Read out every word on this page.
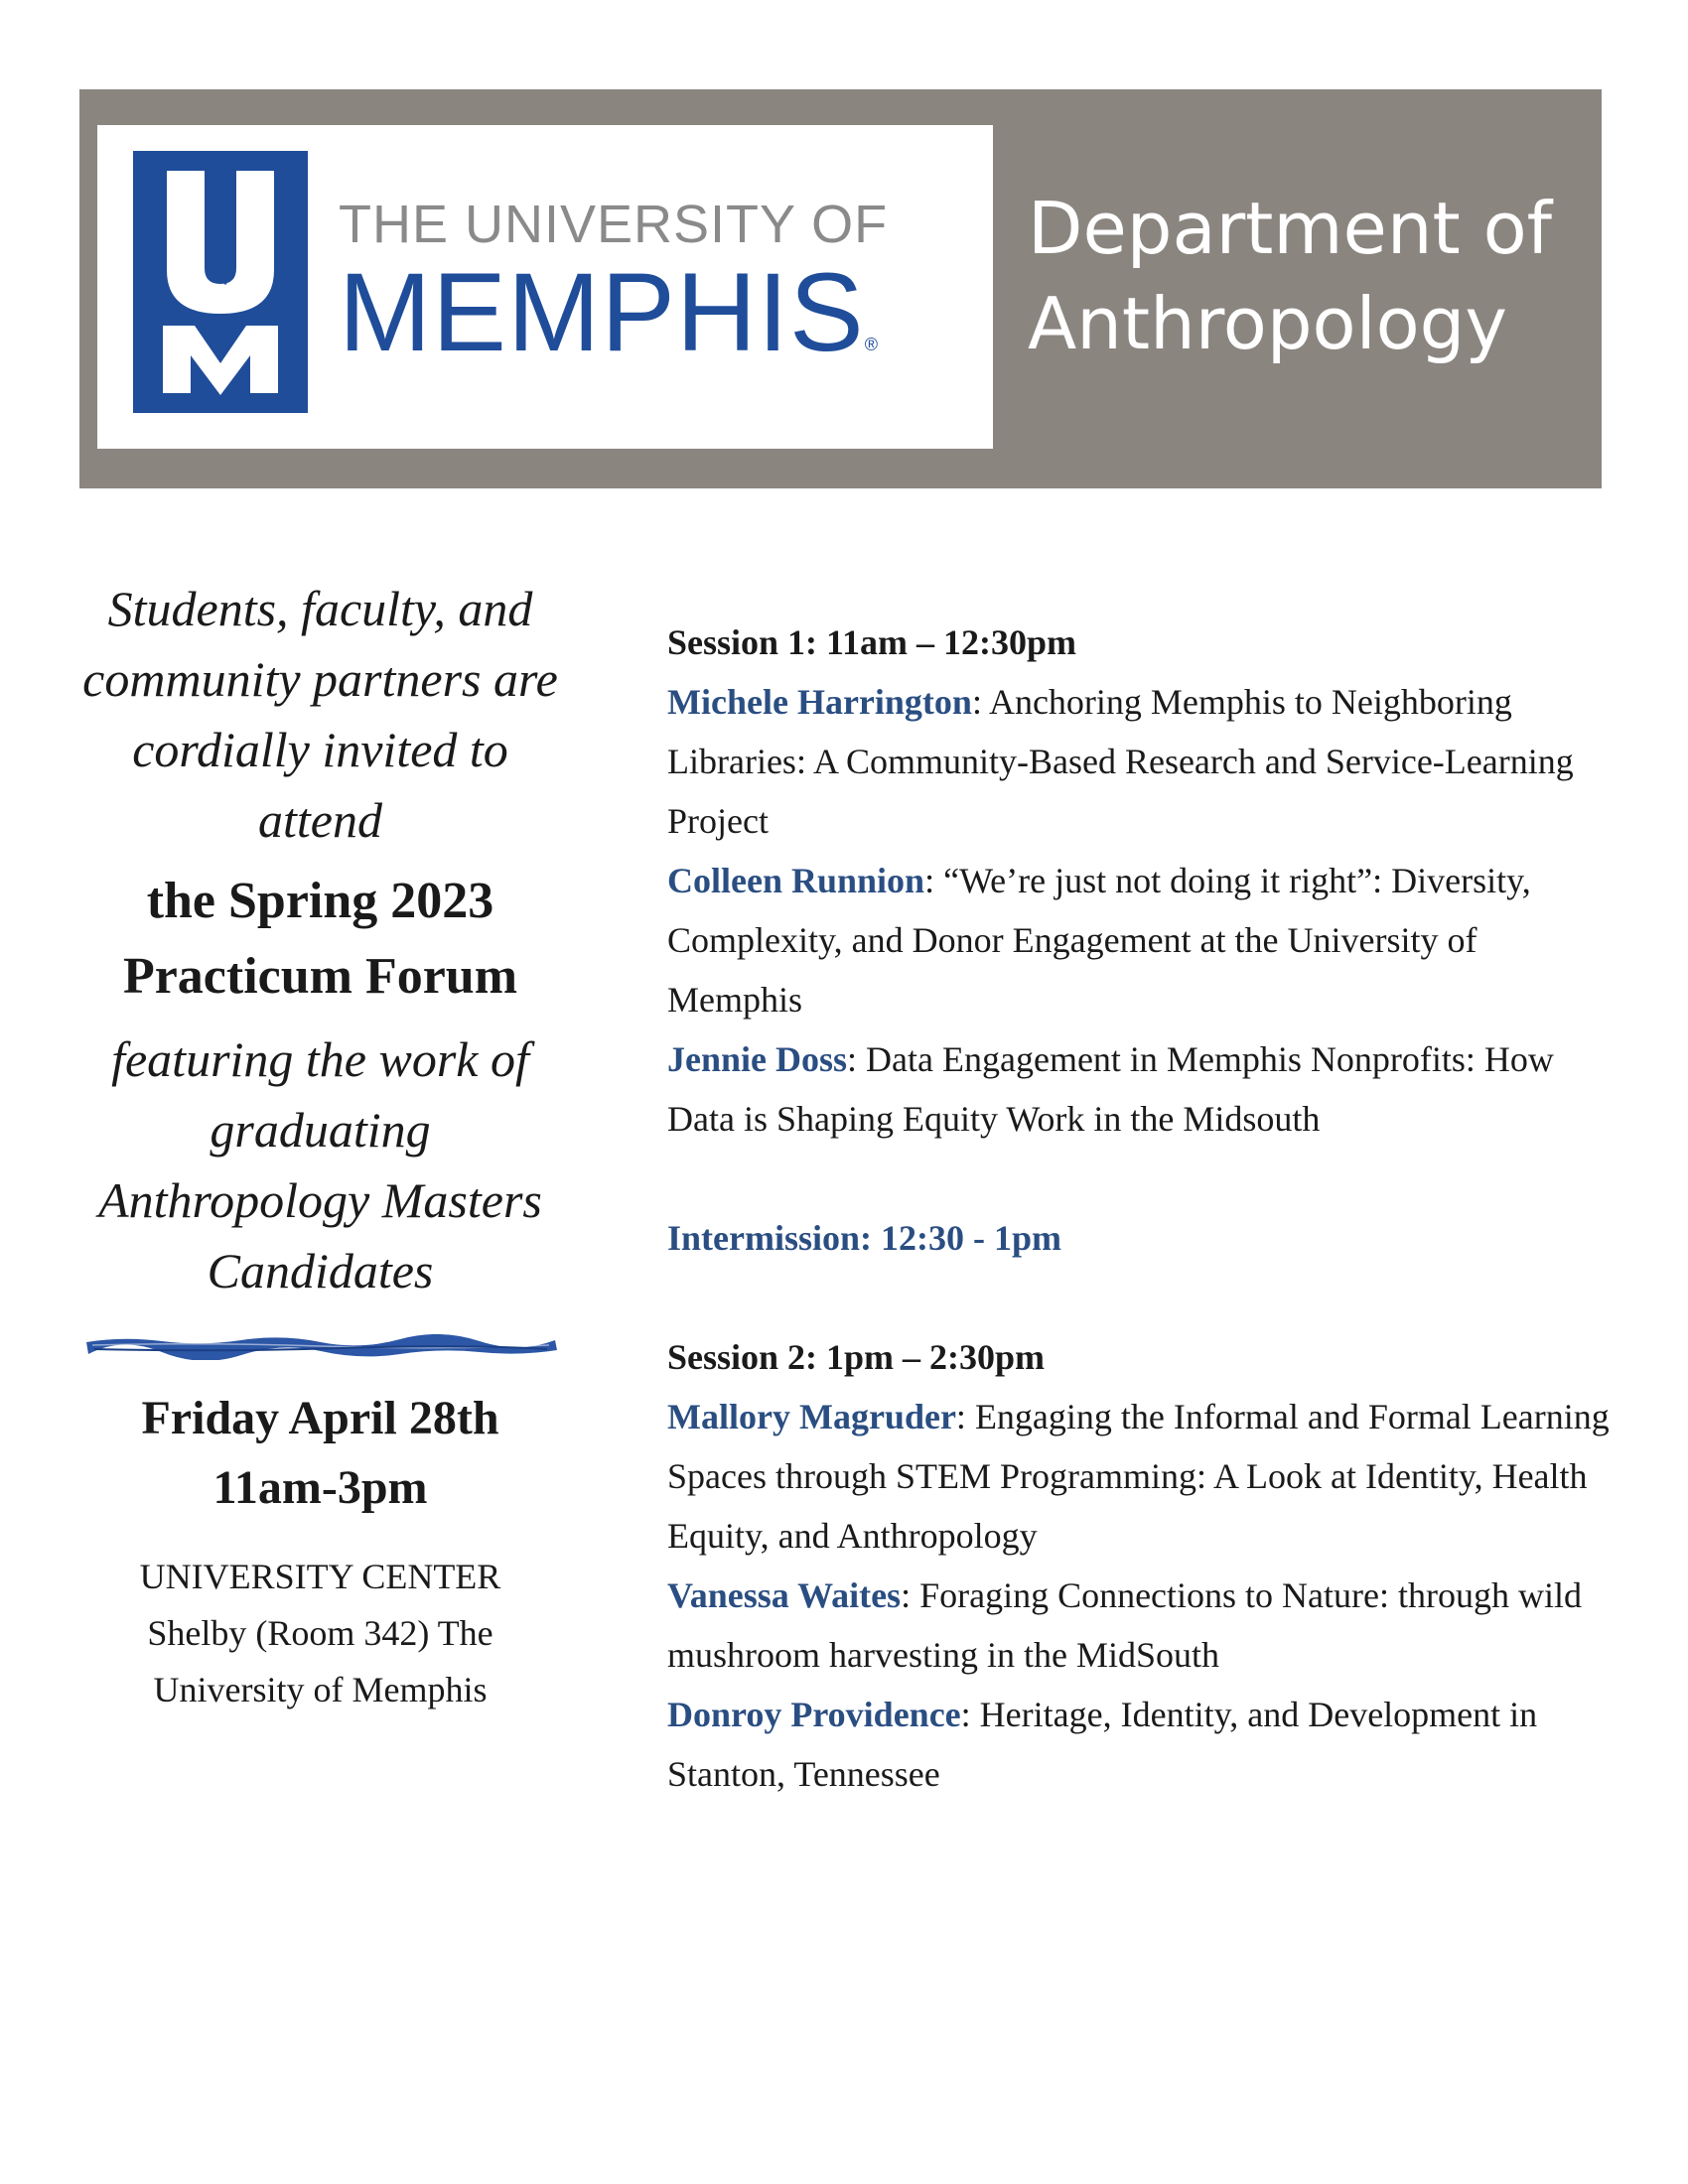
of
THE UNIVERSITY OF
MEMPHIS®
Department of
Anthropology

Students, faculty, and community partners are cordially invited to attend

the Spring 2023
Practicum Forum

featuring the work of graduating Anthropology Masters Candidates

Friday April 28th
11am-3pm
UNIVERSITY CENTER
Shelby (Room 342) The
University of Memphis

Session 1: 11am – 12:30pm

Michele Harrington: Anchoring Memphis to Neighboring Libraries: A Community-Based Research and Service-Learning Project

Colleen Runnion: “We’re just not doing it right”: Diversity, Complexity, and Donor Engagement at the University of Memphis

Jennie Doss: Data Engagement in Memphis Nonprofits: How Data is Shaping Equity Work in the Midsouth

Intermission: 12:30 - 1pm

Session 2: 1pm – 2:30pm

Mallory Magruder: Engaging the Informal and Formal Learning Spaces through STEM Programming: A Look at Identity, Health Equity, and Anthropology

Vanessa Waites: Foraging Connections to Nature: through wild mushroom harvesting in the MidSouth

Donroy Providence: Heritage, Identity, and Development in Stanton, Tennessee
